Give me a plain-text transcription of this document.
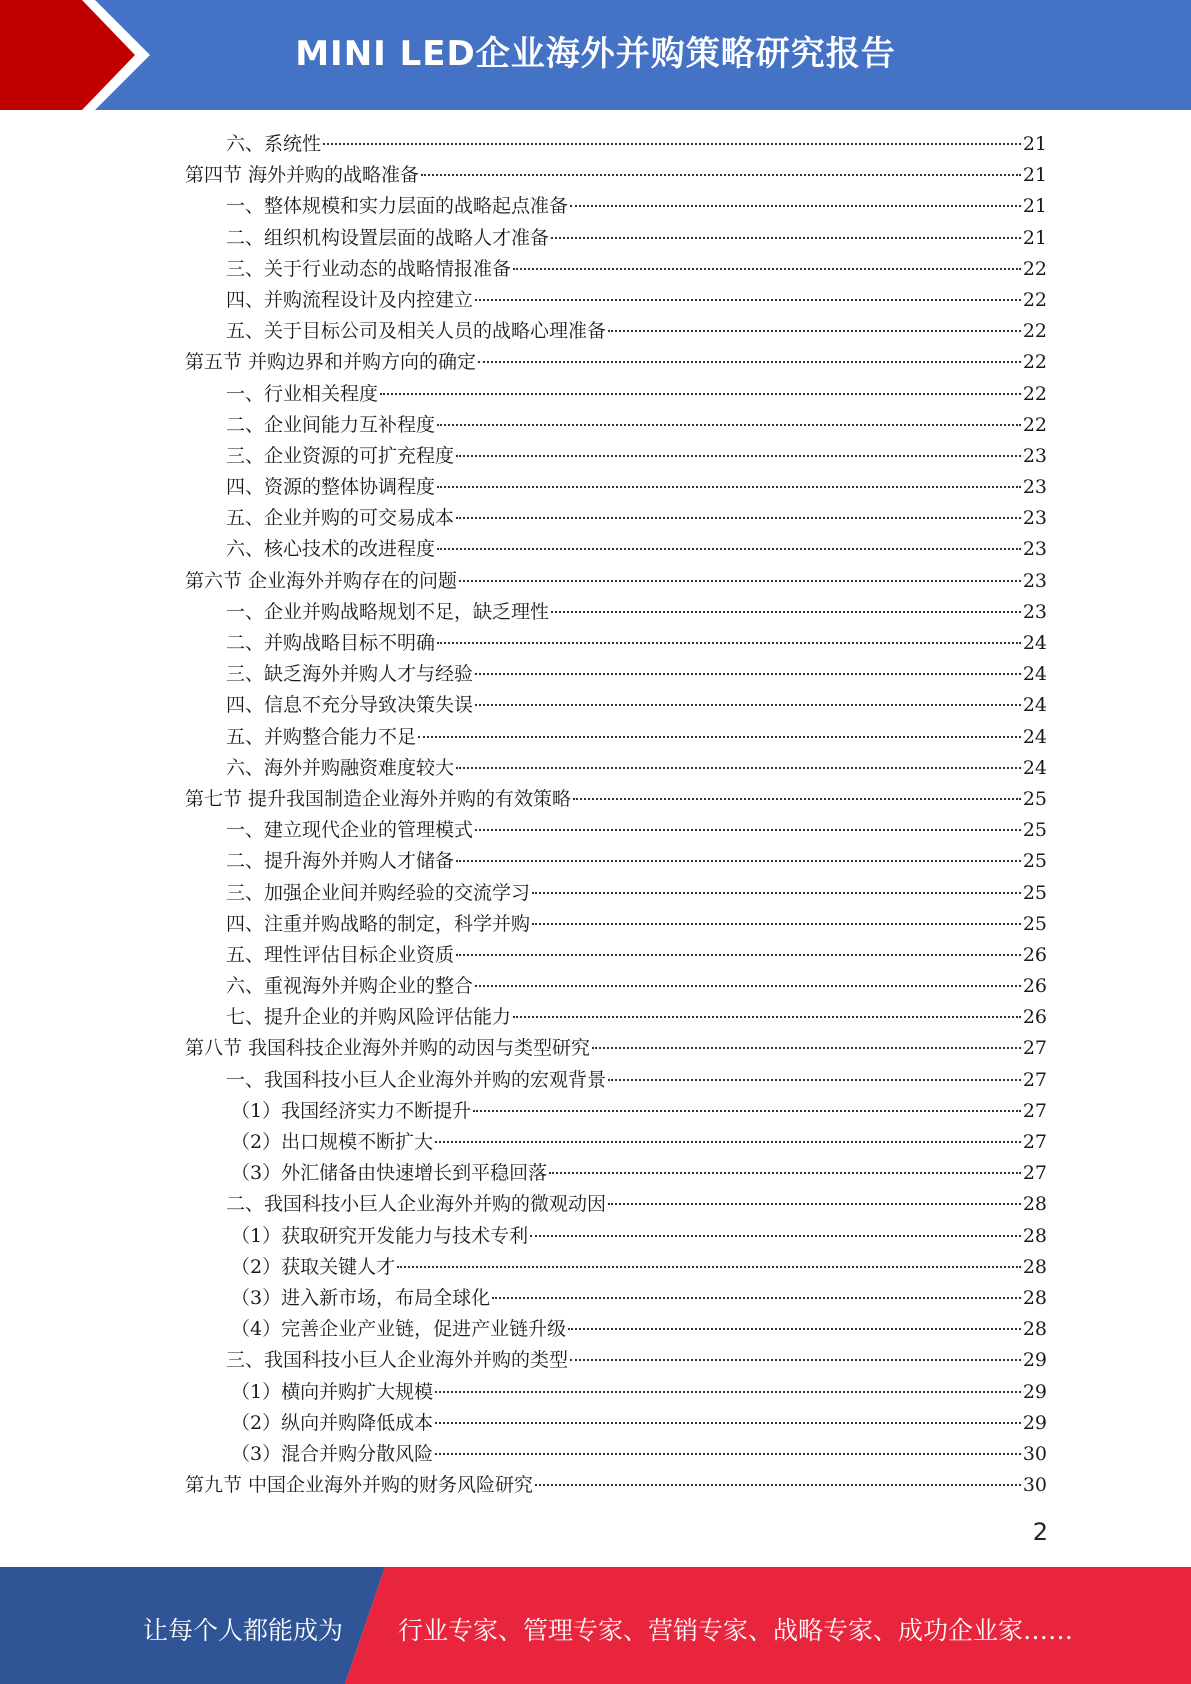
MINI LED企业海外并购策略研究报告
六、系统性	21
第四节 海外并购的战略准备	21
一、整体规模和实力层面的战略起点准备	21
二、组织机构设置层面的战略人才准备	21
三、关于行业动态的战略情报准备	22
四、并购流程设计及内控建立	22
五、关于目标公司及相关人员的战略心理准备	22
第五节 并购边界和并购方向的确定	22
一、行业相关程度	22
二、企业间能力互补程度	22
三、企业资源的可扩充程度	23
四、资源的整体协调程度	23
五、企业并购的可交易成本	23
六、核心技术的改进程度	23
第六节 企业海外并购存在的问题	23
一、企业并购战略规划不足，缺乏理性	23
二、并购战略目标不明确	24
三、缺乏海外并购人才与经验	24
四、信息不充分导致决策失误	24
五、并购整合能力不足	24
六、海外并购融资难度较大	24
第七节 提升我国制造企业海外并购的有效策略	25
一、建立现代企业的管理模式	25
二、提升海外并购人才储备	25
三、加强企业间并购经验的交流学习	25
四、注重并购战略的制定，科学并购	25
五、理性评估目标企业资质	26
六、重视海外并购企业的整合	26
七、提升企业的并购风险评估能力	26
第八节 我国科技企业海外并购的动因与类型研究	27
一、我国科技小巨人企业海外并购的宏观背景	27
（1）我国经济实力不断提升	27
（2）出口规模不断扩大	27
（3）外汇储备由快速增长到平稳回落	27
二、我国科技小巨人企业海外并购的微观动因	28
（1）获取研究开发能力与技术专利	28
（2）获取关键人才	28
（3）进入新市场，布局全球化	28
（4）完善企业产业链，促进产业链升级	28
三、我国科技小巨人企业海外并购的类型	29
（1）横向并购扩大规模	29
（2）纵向并购降低成本	29
（3）混合并购分散风险	30
第九节 中国企业海外并购的财务风险研究	30
2
让每个人都能成为 行业专家、管理专家、营销专家、战略专家、成功企业家……
